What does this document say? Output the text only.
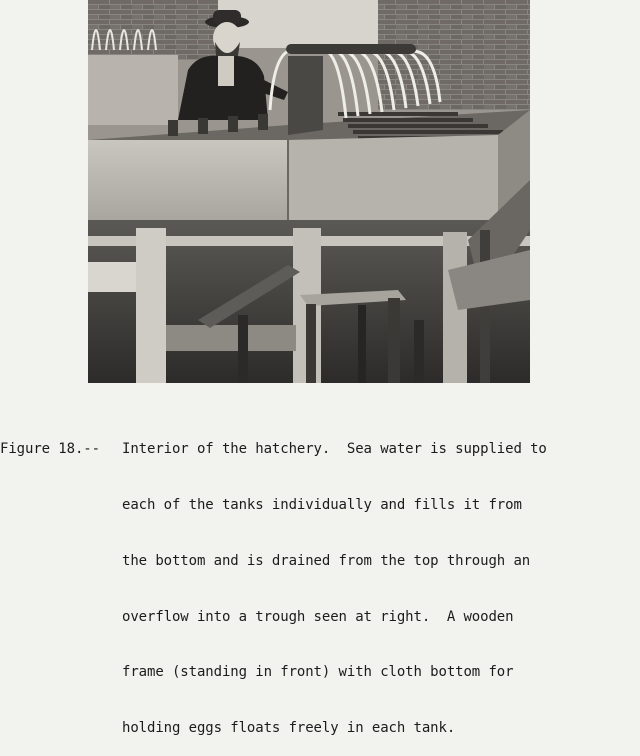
Figure 18.-- Interior of the hatchery.  Sea water is supplied to

each of the tanks individually and fills it from

the bottom and is drained from the top through an

overflow into a trough seen at right.  A wooden

frame (standing in front) with cloth bottom for

holding eggs floats freely in each tank.
